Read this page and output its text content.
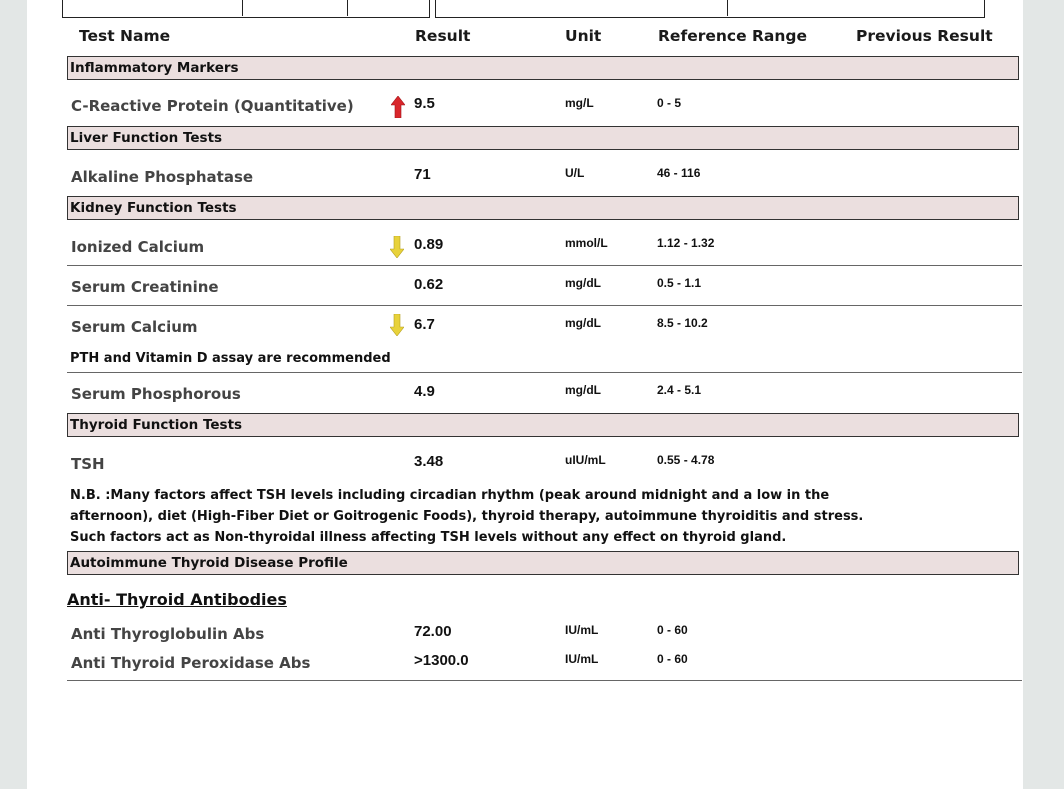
Test Name	Result	Unit	Reference Range	Previous Result
Inflammatory Markers
C-Reactive Protein (Quantitative)	9.5	mg/L	0 - 5
Liver Function Tests
Alkaline Phosphatase	71	U/L	46 - 116
Kidney Function Tests
Ionized Calcium	0.89	mmol/L	1.12 - 1.32
Serum Creatinine	0.62	mg/dL	0.5 - 1.1
Serum Calcium	6.7	mg/dL	8.5 - 10.2
PTH and Vitamin D assay are recommended
Serum Phosphorous	4.9	mg/dL	2.4 - 5.1
Thyroid Function Tests
TSH	3.48	uIU/mL	0.55 - 4.78
N.B. :Many factors affect TSH levels including circadian rhythm (peak around midnight and a low in the
afternoon), diet (High-Fiber Diet or Goitrogenic Foods), thyroid therapy, autoimmune thyroiditis and stress.
Such factors act as Non-thyroidal illness affecting TSH levels without any effect on thyroid gland.
Autoimmune Thyroid Disease Profile
Anti- Thyroid Antibodies
Anti Thyroglobulin Abs	72.00	IU/mL	0 - 60
Anti Thyroid Peroxidase Abs	>1300.0	IU/mL	0 - 60
